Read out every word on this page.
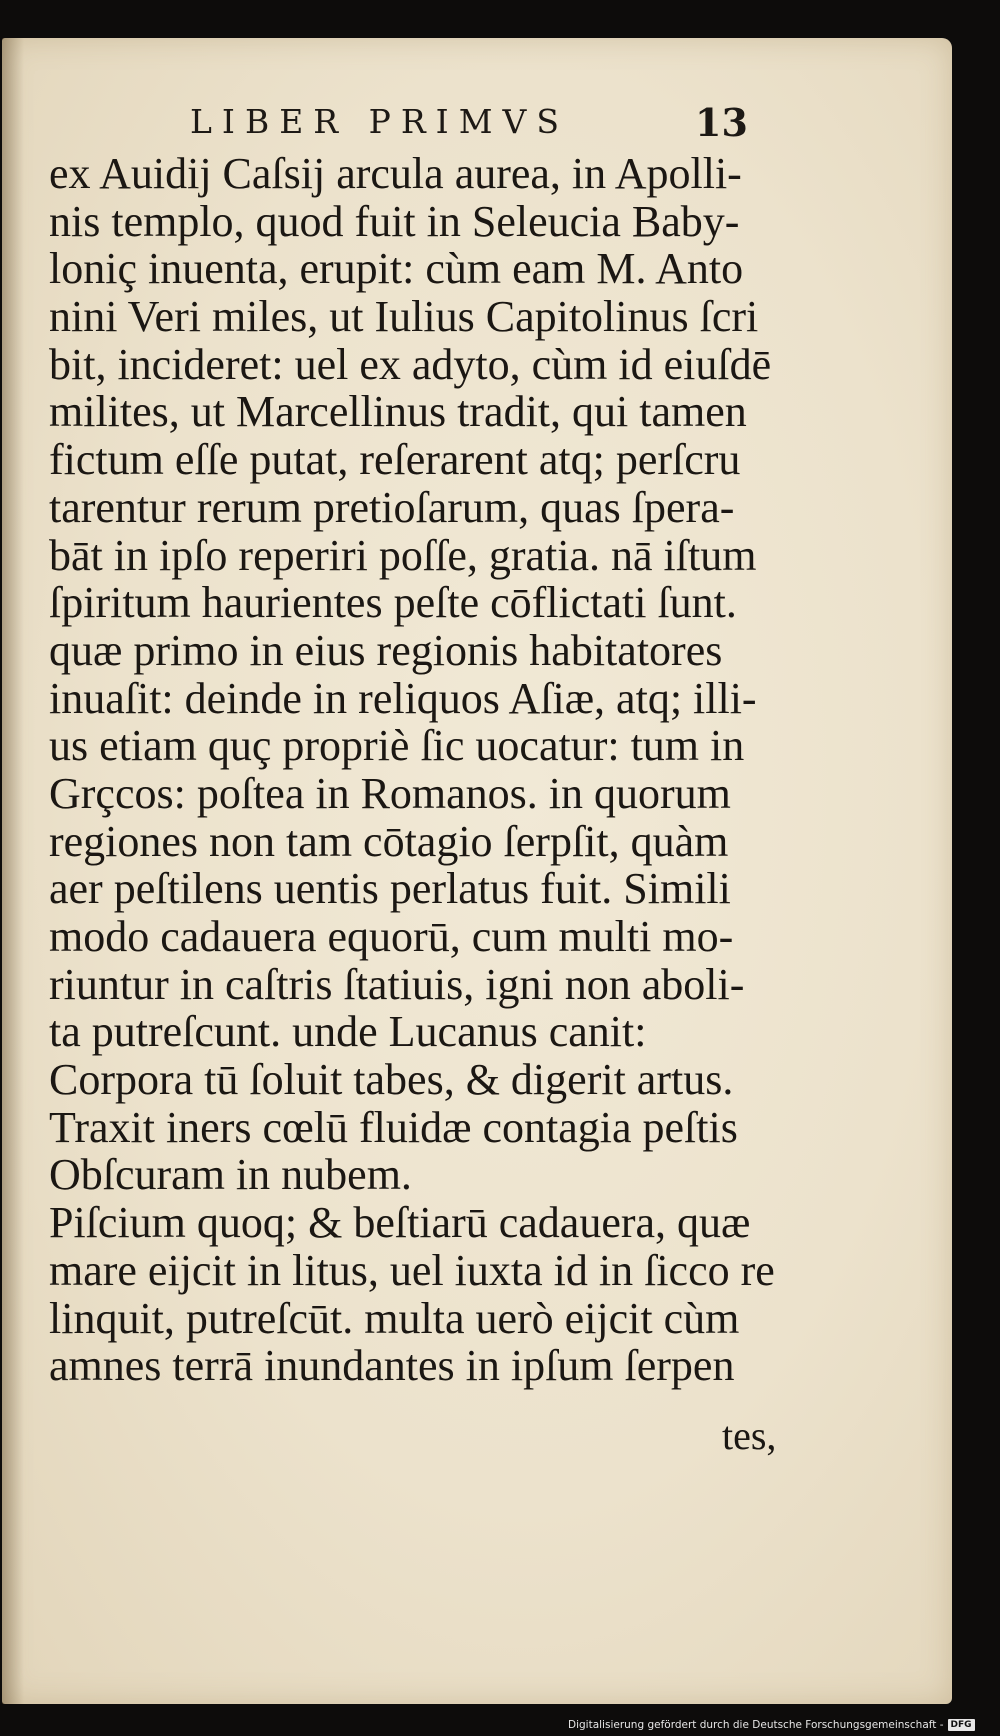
LIBER PRIMVS	13
ex Auidij Caſsij arcula aurea, in Apolli-
nis templo, quod fuit in Seleucia Baby-
loniç inuenta, erupit: cùm eam M. Anto
nini Veri miles, ut Iulius Capitolinus ſcri
bit, incideret: uel ex adyto, cùm id eiuſdē
milites, ut Marcellinus tradit, qui tamen
fictum eſſe putat, reſerarent atq; perſcru
tarentur rerum pretioſarum, quas ſpera-
bāt in ipſo reperiri poſſe, gratia. nā iſtum
ſpiritum haurientes peſte cōflictati ſunt.
quæ primo in eius regionis habitatores
inuaſit: deinde in reliquos Aſiæ, atq; illi-
us etiam quç propriè ſic uocatur: tum in
Grçcos: poſtea in Romanos. in quorum
regiones non tam cōtagio ſerpſit, quàm
aer peſtilens uentis perlatus fuit. Simili
modo cadauera equorū, cum multi mo-
riuntur in caſtris ſtatiuis, igni non aboli-
ta putreſcunt. unde Lucanus canit:
Corpora tū ſoluit tabes, & digerit artus.
Traxit iners cœlū fluidæ contagia peſtis
Obſcuram in nubem.
Piſcium quoq; & beſtiarū cadauera, quæ
mare eijcit in litus, uel iuxta id in ſicco re
linquit, putreſcūt. multa uerò eijcit cùm
amnes terrā inundantes in ipſum ſerpen
tes,
Digitalisierung gefördert durch die Deutsche Forschungsgemeinschaft - DFG
